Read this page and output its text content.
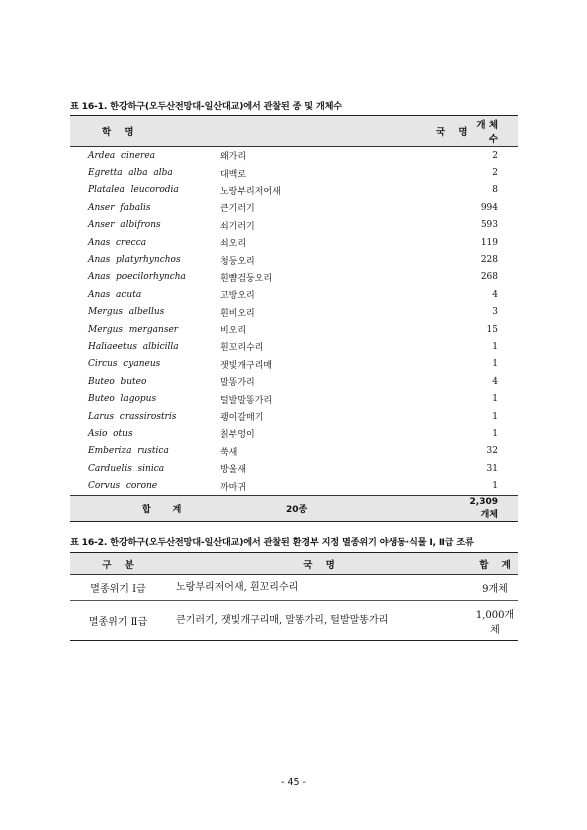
표 16-1. 한강하구(오두산전망대-일산대교)에서 관찰된 종 및 개체수
학    명	국    명	개 체 수
Ardea  cinerea	왜가리	2
Egretta  alba  alba	대백로	2
Platalea  leucorodia	노랑부리저어새	8
Anser  fabalis	큰기러기	994
Anser  albifrons	쇠기러기	593
Anas  crecca	쇠오리	119
Anas  platyrhynchos	청둥오리	228
Anas  poecilorhyncha	흰뺨검둥오리	268
Anas  acuta	고방오리	4
Mergus  albellus	흰비오리	3
Mergus  merganser	비오리	15
Haliaeetus  albicilla	흰꼬리수리	1
Circus  cyaneus	잿빛개구리매	1
Buteo  buteo	말똥가리	4
Buteo  lagopus	털발말똥가리	1
Larus  crassirostris	괭이갈매기	1
Asio  otus	칡부엉이	1
Emberiza  rustica	쑥새	32
Carduelis  sinica	방울새	31
Corvus  corone	까마귀	1
합       계	20종	2,309개체
표 16-2. 한강하구(오두산전망대-일산대교)에서 관찰된 환경부 지정 멸종위기 야생동·식물 Ⅰ, Ⅱ급 조류
구    분	국    명	합    계
멸종위기 Ⅰ급	노랑부리저어새, 흰꼬리수리	9개체
멸종위기 Ⅱ급	큰기러기, 잿빛개구리매, 말똥가리, 털발말똥가리	1,000개체
- 45 -
